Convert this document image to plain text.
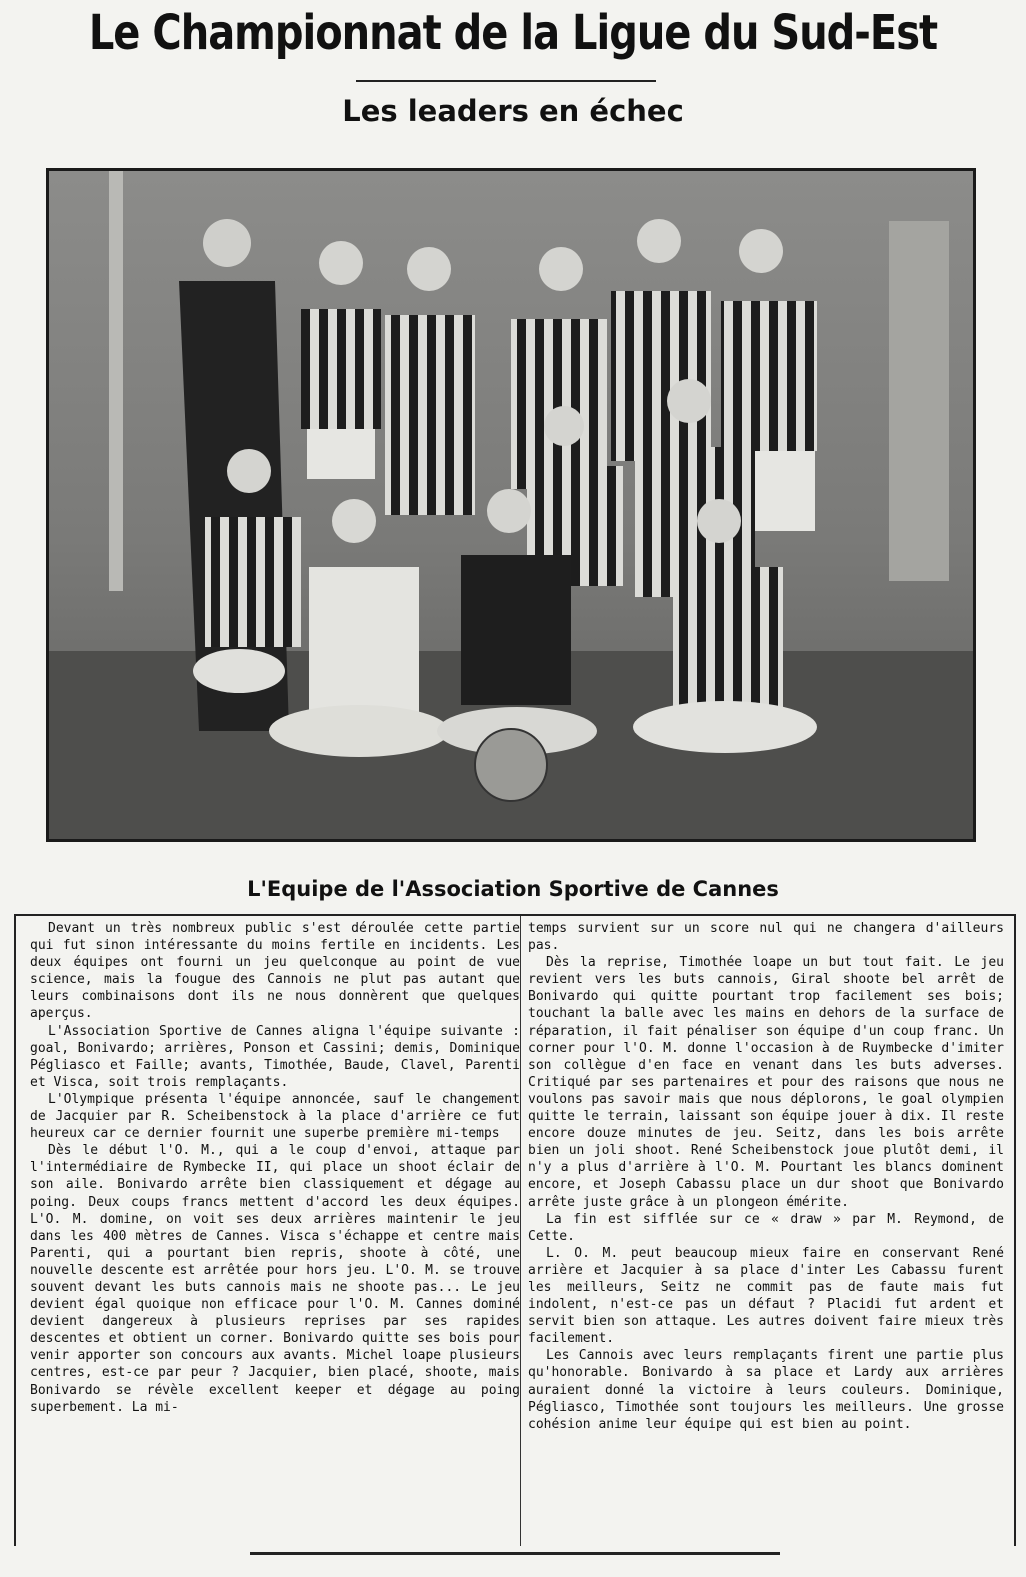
Le Championnat de la Ligue du Sud-Est
Les leaders en échec
L'Equipe de l'Association Sportive de Cannes

Devant un très nombreux public s'est déroulée cette partie qui fut sinon intéressante du moins fertile en incidents. Les deux équipes ont fourni un jeu quelconque au point de vue science, mais la fougue des Cannois ne plut pas autant que leurs combinaisons dont ils ne nous donnèrent que quelques aperçus.

L'Association Sportive de Cannes aligna l'équipe suivante : goal, Bonivardo; arrières, Ponson et Cassini; demis, Dominique Pégliasco et Faille; avants, Timothée, Baude, Clavel, Parenti et Visca, soit trois remplaçants.

L'Olympique présenta l'équipe annoncée, sauf le changement de Jacquier par R. Scheibenstock à la place d'arrière ce fut heureux car ce dernier fournit une superbe première mi-temps

Dès le début l'O. M., qui a le coup d'envoi, attaque par l'intermédiaire de Rymbecke II, qui place un shoot éclair de son aile. Bonivardo arrête bien classiquement et dégage au poing. Deux coups francs mettent d'accord les deux équipes. L'O. M. domine, on voit ses deux arrières maintenir le jeu dans les 400 mètres de Cannes. Visca s'échappe et centre mais Parenti, qui a pourtant bien repris, shoote à côté, une nouvelle descente est arrêtée pour hors jeu. L'O. M. se trouve souvent devant les buts cannois mais ne shoote pas... Le jeu devient égal quoique non efficace pour l'O. M. Cannes dominé devient dangereux à plusieurs reprises par ses rapides descentes et obtient un corner. Bonivardo quitte ses bois pour venir apporter son concours aux avants. Michel loape plusieurs centres, est-ce par peur ? Jacquier, bien placé, shoote, mais Bonivardo se révèle excellent keeper et dégage au poing superbement. La mi-

temps survient sur un score nul qui ne changera d'ailleurs pas.

Dès la reprise, Timothée loape un but tout fait. Le jeu revient vers les buts cannois, Giral shoote bel arrêt de Bonivardo qui quitte pourtant trop facilement ses bois; touchant la balle avec les mains en dehors de la surface de réparation, il fait pénaliser son équipe d'un coup franc. Un corner pour l'O. M. donne l'occasion à de Ruymbecke d'imiter son collègue d'en face en venant dans les buts adverses. Critiqué par ses partenaires et pour des raisons que nous ne voulons pas savoir mais que nous déplorons, le goal olympien quitte le terrain, laissant son équipe jouer à dix. Il reste encore douze minutes de jeu. Seitz, dans les bois arrête bien un joli shoot. René Scheibenstock joue plutôt demi, il n'y a plus d'arrière à l'O. M. Pourtant les blancs dominent encore, et Joseph Cabassu place un dur shoot que Bonivardo arrête juste grâce à un plongeon émérite.

La fin est sifflée sur ce « draw » par M. Reymond, de Cette.

L. O. M. peut beaucoup mieux faire en conservant René arrière et Jacquier à sa place d'inter Les Cabassu furent les meilleurs, Seitz ne commit pas de faute mais fut indolent, n'est-ce pas un défaut ? Placidi fut ardent et servit bien son attaque. Les autres doivent faire mieux très facilement.

Les Cannois avec leurs remplaçants firent une partie plus qu'honorable. Bonivardo à sa place et Lardy aux arrières auraient donné la victoire à leurs couleurs. Dominique, Pégliasco, Timothée sont toujours les meilleurs. Une grosse cohésion anime leur équipe qui est bien au point.
